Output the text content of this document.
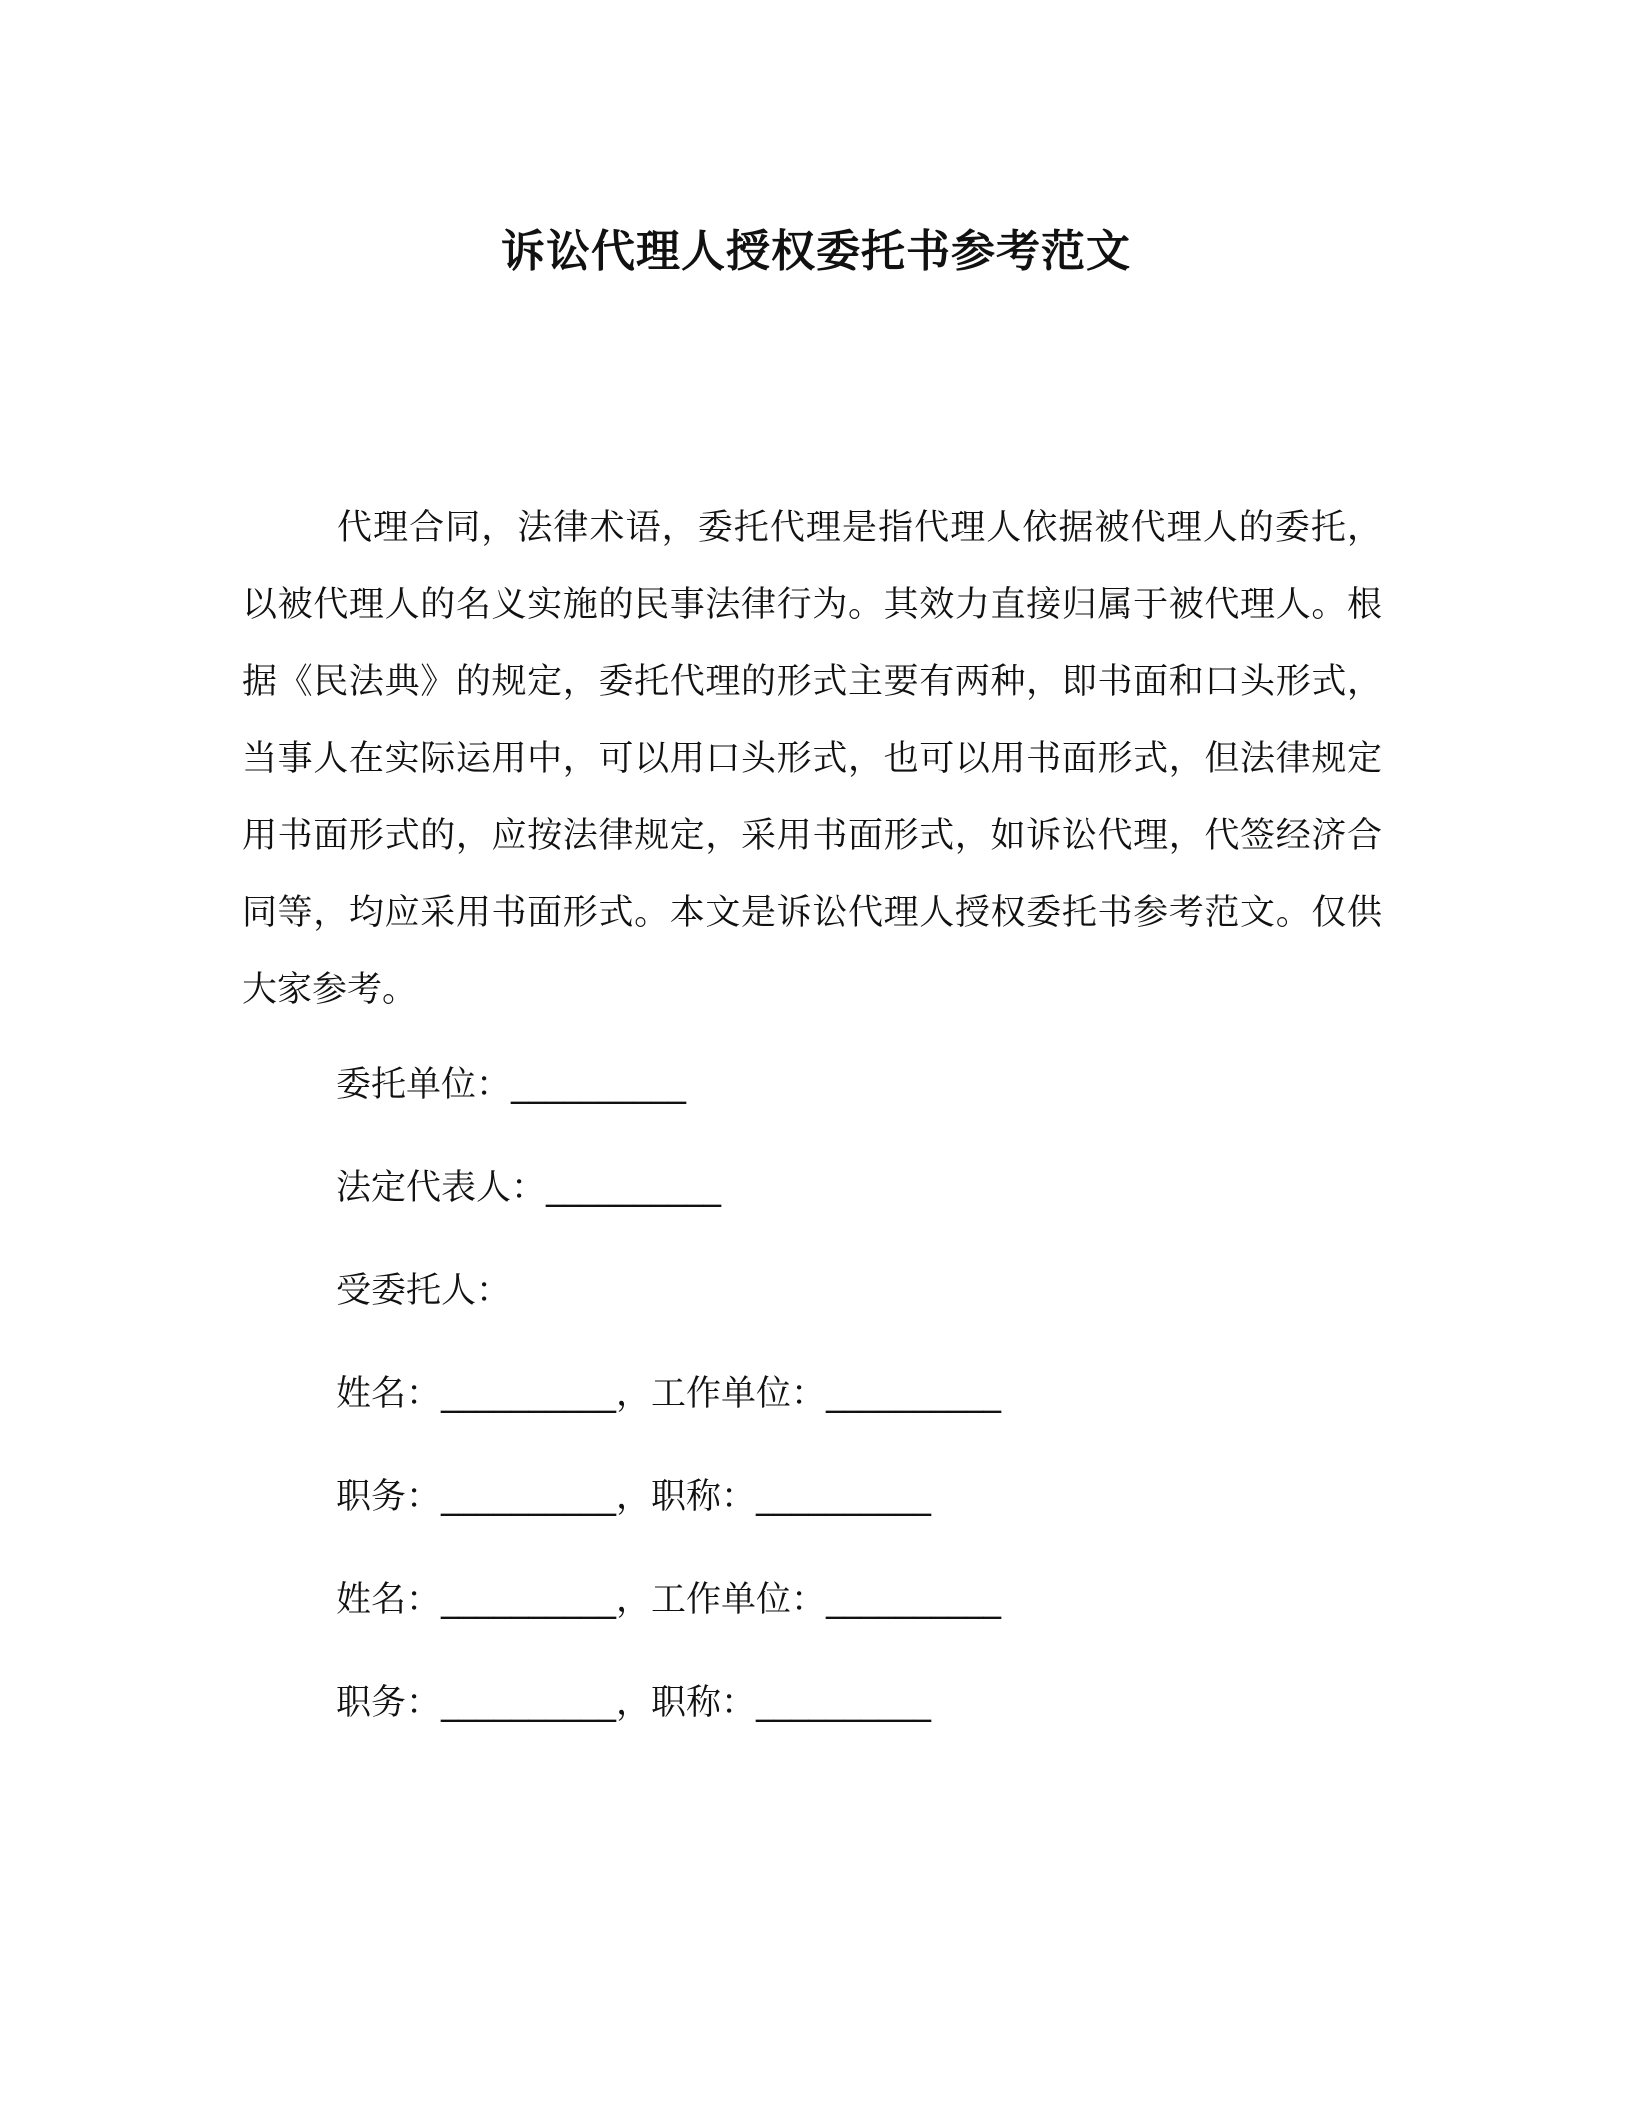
诉讼代理人授权委托书参考范文

代理合同，法律术语，委托代理是指代理人依据被代理人的委托，以被代理人的名义实施的民事法律行为。其效力直接归属于被代理人。根据《民法典》的规定，委托代理的形式主要有两种，即书面和口头形式，当事人在实际运用中，可以用口头形式，也可以用书面形式，但法律规定用书面形式的，应按法律规定，采用书面形式，如诉讼代理，代签经济合同等，均应采用书面形式。本文是诉讼代理人授权委托书参考范文。仅供大家参考。

委托单位：__________

法定代表人：__________

受委托人：

姓名：__________，工作单位：__________

职务：__________，职称：__________

姓名：__________，工作单位：__________

职务：__________，职称：__________
